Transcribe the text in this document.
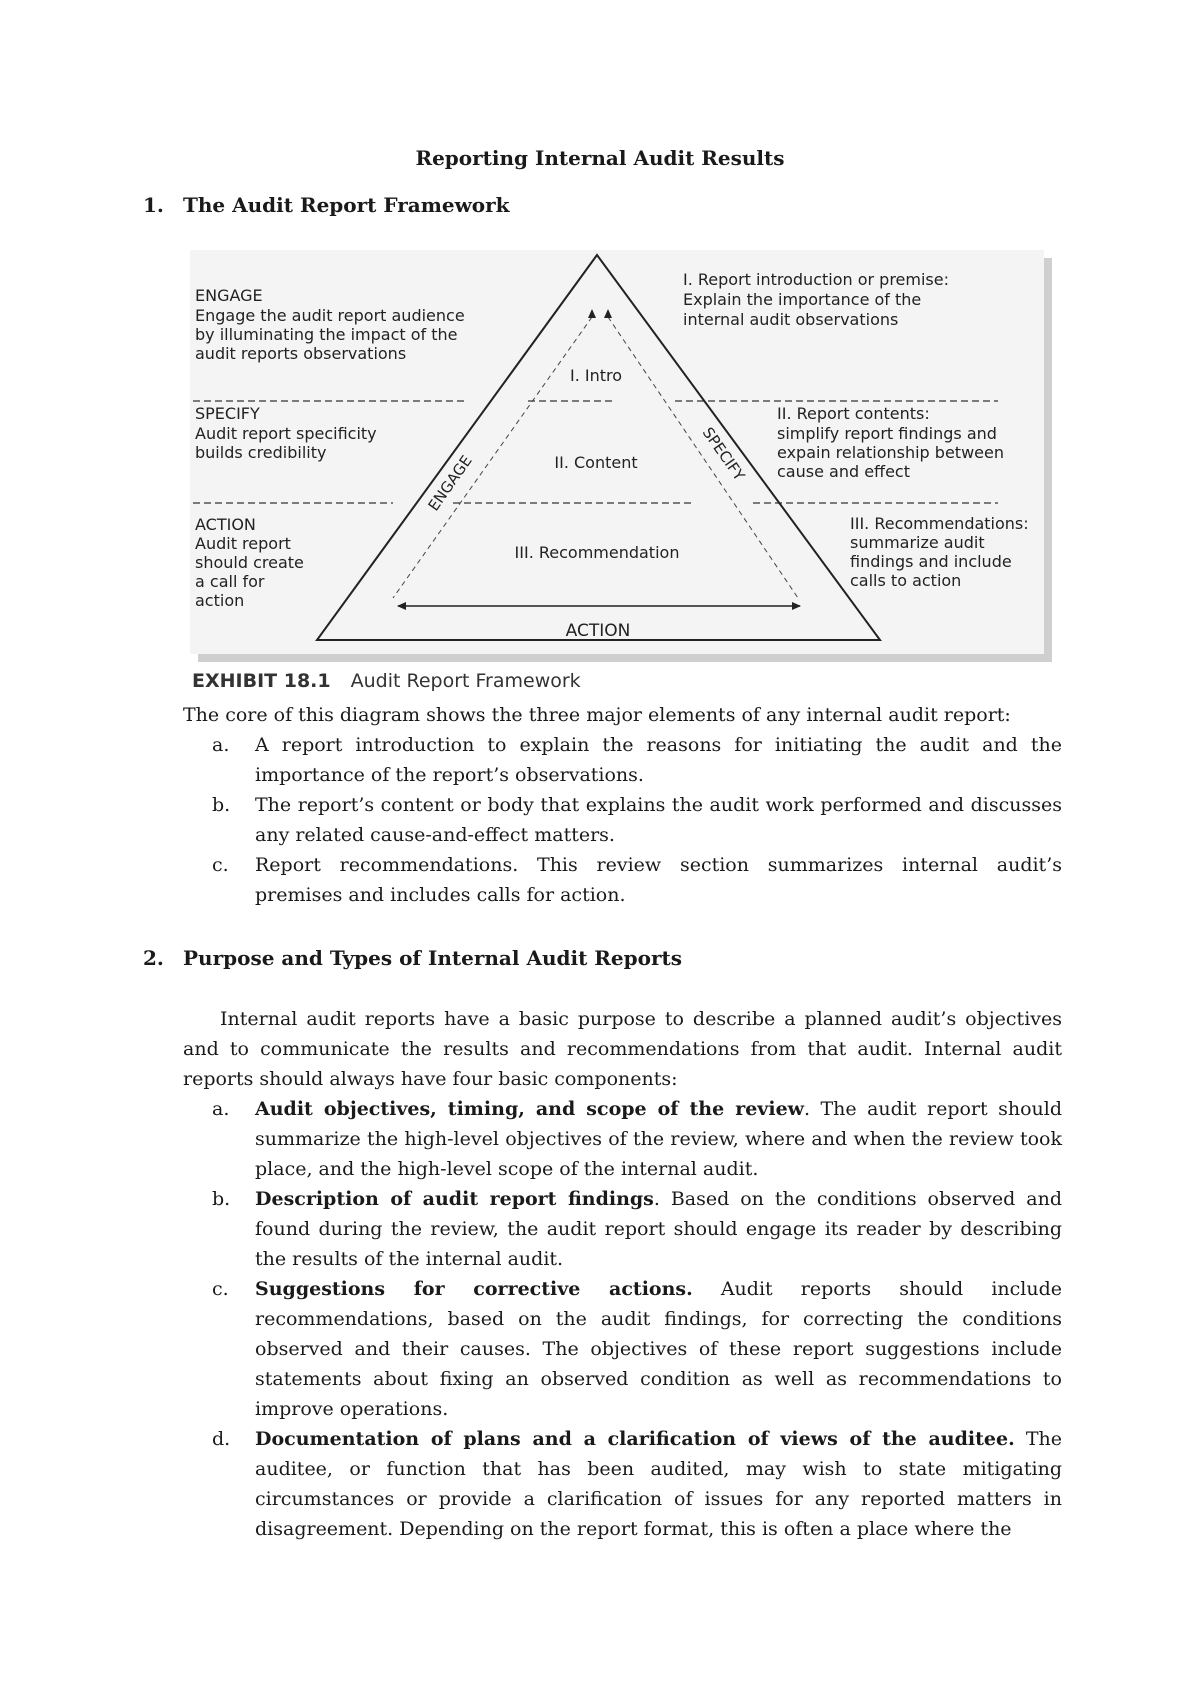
Reporting Internal Audit Results
1. The Audit Report Framework
I. Intro
II. Content
III. Recommendation
ACTION
ENGAGE	SPECIFY
ENGAGE
Engage the audit report audience
by illuminating the impact of the
audit reports observations
SPECIFY
Audit report specificity
builds credibility
ACTION
Audit report
should create
a call for
action
I. Report introduction or premise:
Explain the importance of the
internal audit observations
II. Report contents:
simplify report findings and
expain relationship between
cause and effect
III. Recommendations:
summarize audit
findings and include
calls to action
EXHIBIT 18.1 Audit Report Framework
The core of this diagram shows the three major elements of any internal audit report:

a. A report introduction to explain the reasons for initiating the audit and the importance of the report’s observations.

b. The report’s content or body that explains the audit work performed and discusses any related cause-and-effect matters.

c. Report recommendations. This review section summarizes internal audit’s premises and includes calls for action.

2. Purpose and Types of Internal Audit Reports
Internal audit reports have a basic purpose to describe a planned audit’s objectives and to communicate the results and recommendations from that audit. Internal audit reports should always have four basic components:

a. Audit objectives, timing, and scope of the review. The audit report should summarize the high-level objectives of the review, where and when the review took place, and the high-level scope of the internal audit.

b. Description of audit report findings. Based on the conditions observed and found during the review, the audit report should engage its reader by describing the results of the internal audit.

c. Suggestions for corrective actions. Audit reports should include recommendations, based on the audit findings, for correcting the conditions observed and their causes. The objectives of these report suggestions include statements about fixing an observed condition as well as recommendations to improve operations.

d. Documentation of plans and a clarification of views of the auditee. The auditee, or function that has been audited, may wish to state mitigating circumstances or provide a clarification of issues for any reported matters in disagreement. Depending on the report format, this is often a place where the
